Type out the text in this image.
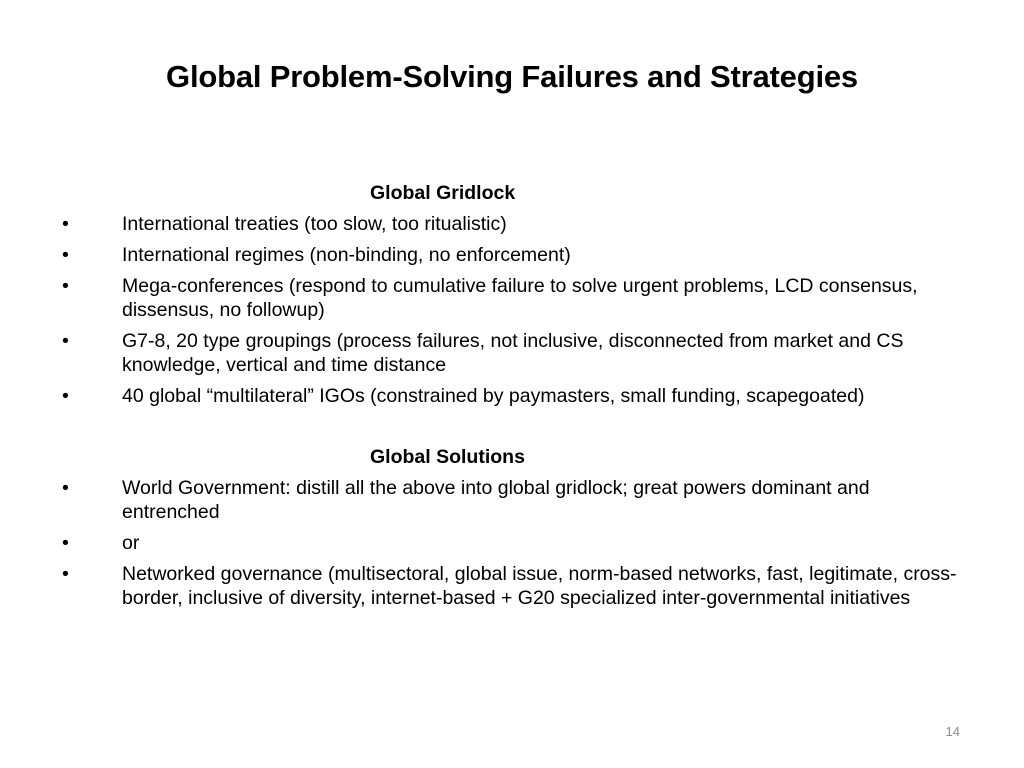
Global Problem-Solving Failures and Strategies
Global Gridlock
•	International treaties (too slow, too ritualistic)
•	International regimes (non-binding, no enforcement)
•	Mega-conferences (respond to cumulative failure to solve urgent problems, LCD consensus, dissensus, no followup)
•	G7-8, 20 type groupings (process failures, not inclusive, disconnected from market and CS knowledge, vertical and time distance
•	40 global “multilateral” IGOs (constrained by paymasters, small funding, scapegoated)
Global Solutions
•	World Government: distill all the above into global gridlock; great powers dominant and entrenched
•	or
•	Networked governance (multisectoral, global issue, norm-based networks, fast, legitimate, cross-border, inclusive of diversity, internet-based + G20 specialized inter-governmental initiatives
14
